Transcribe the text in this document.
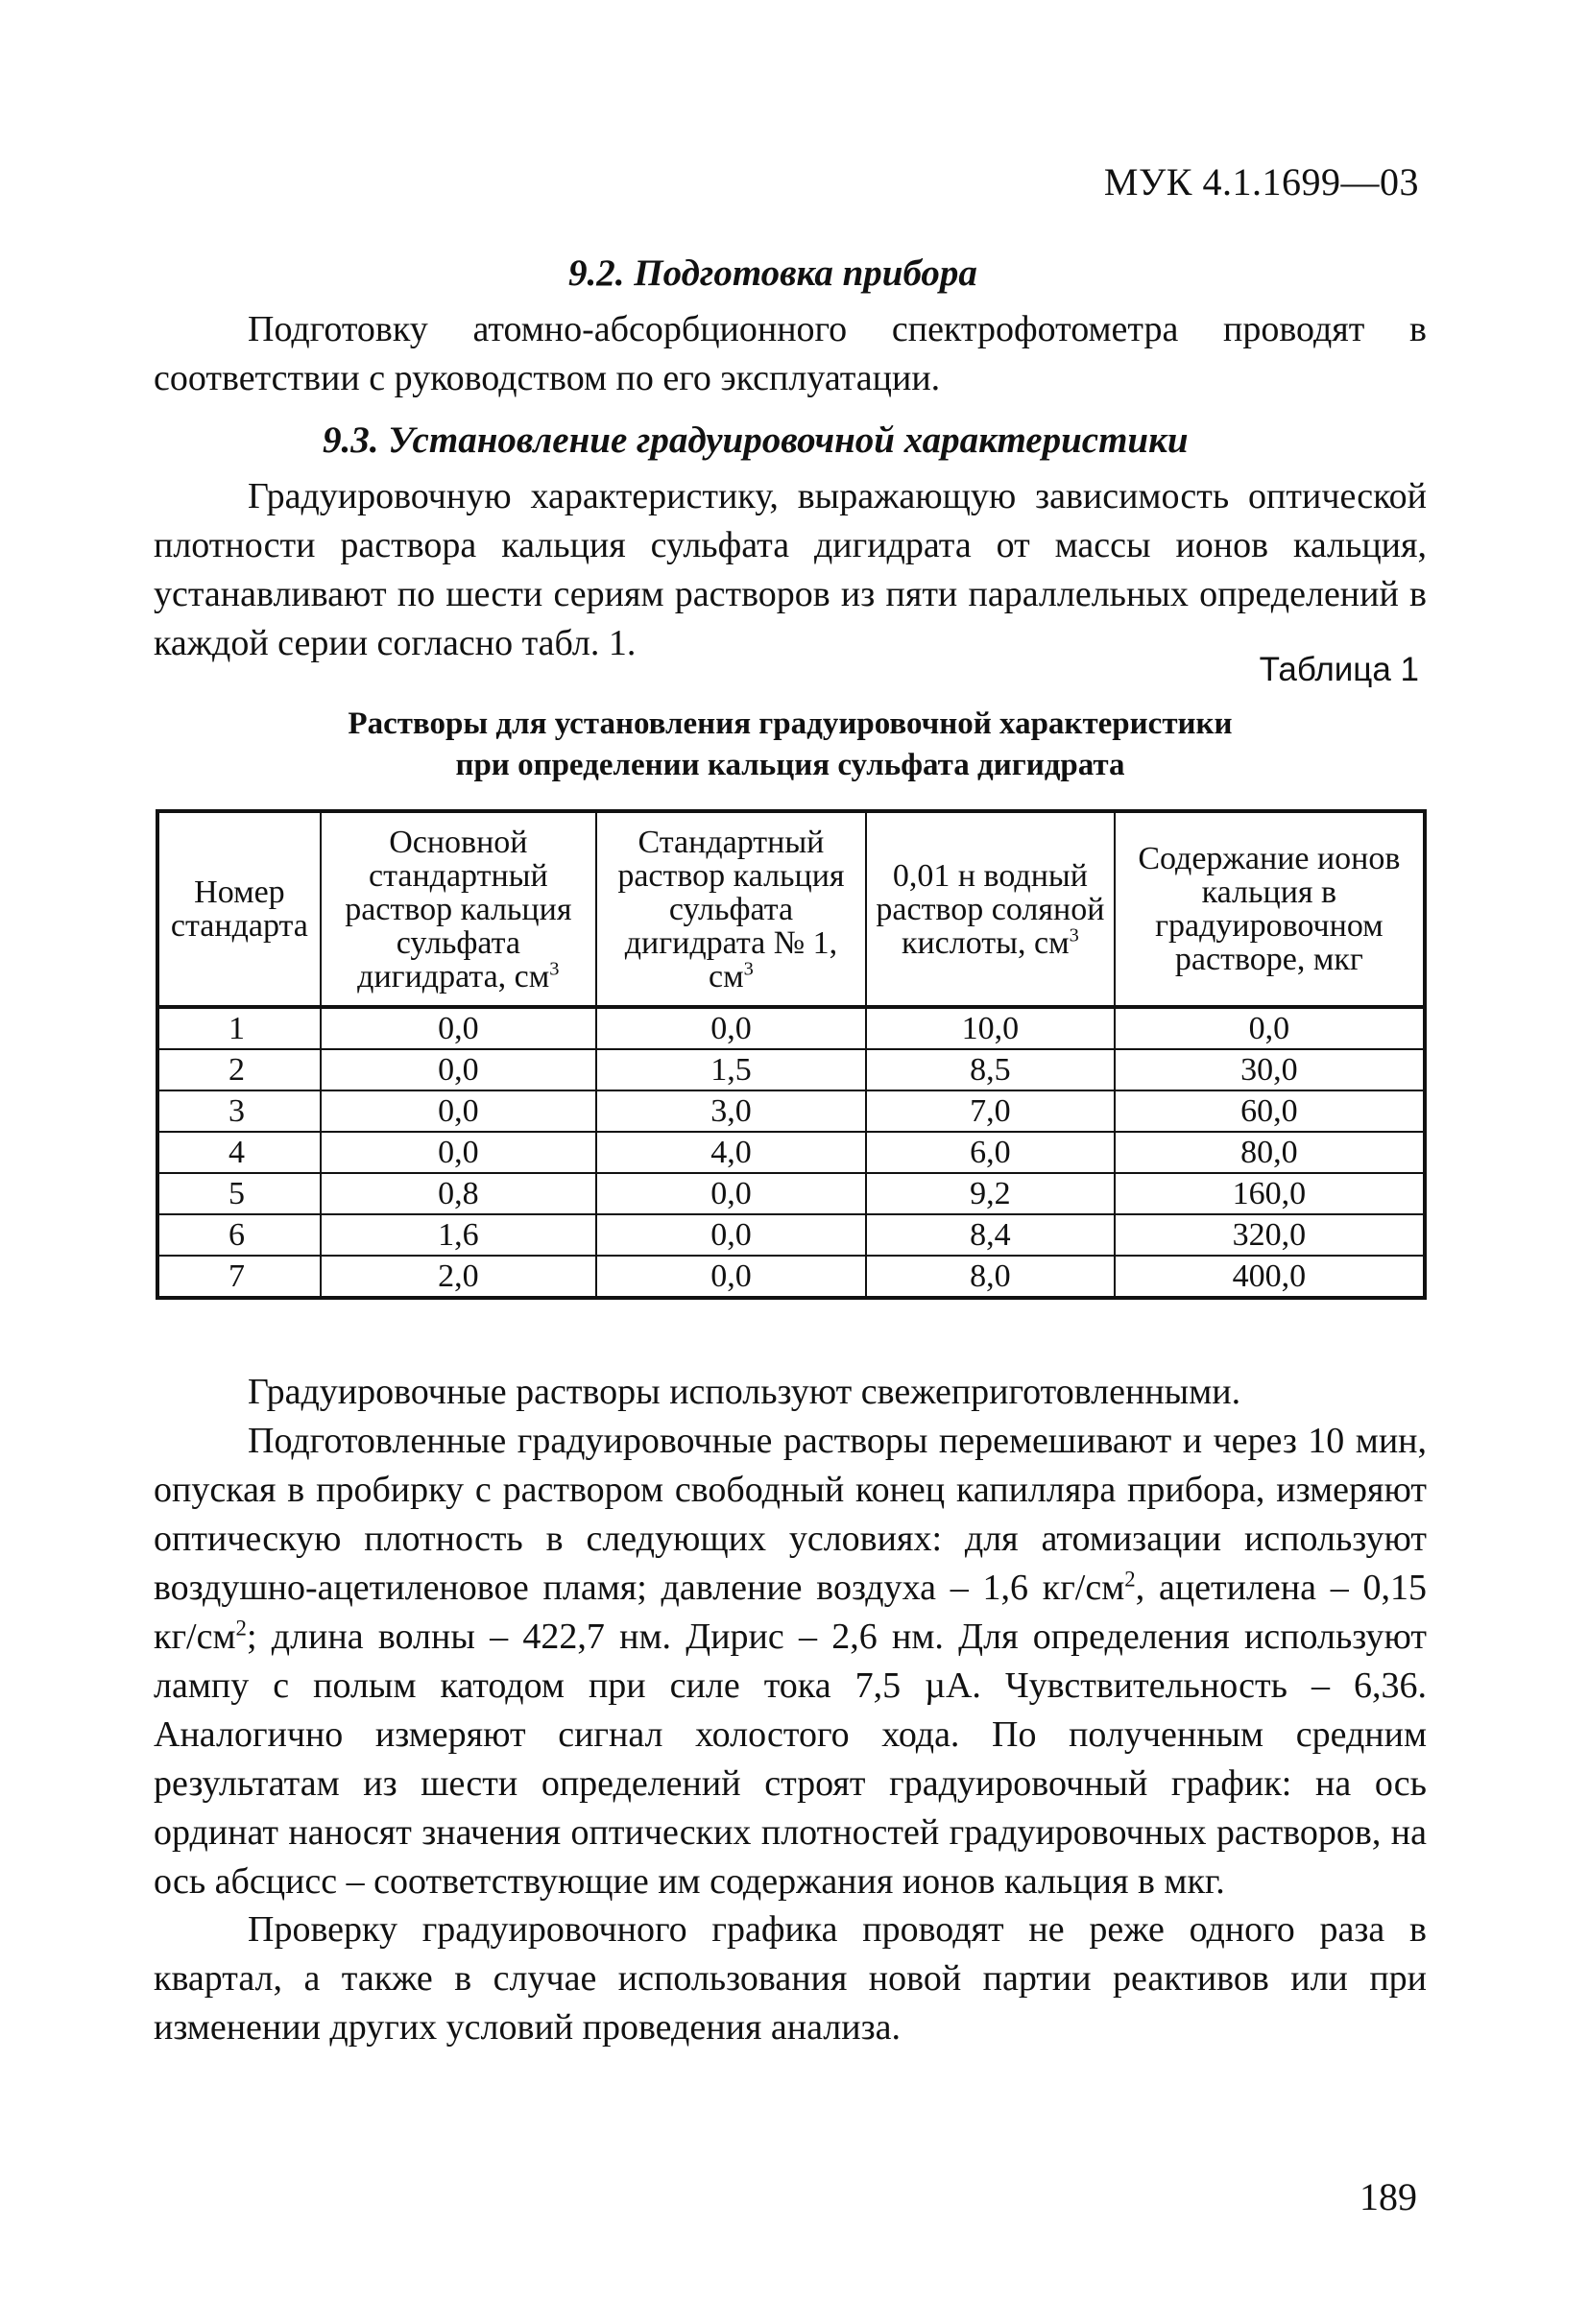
МУК 4.1.1699—03
9.2. Подготовка прибора

Подготовку атомно-абсорбционного спектрофотометра проводят в соответствии с руководством по его эксплуатации.

9.3. Установление градуировочной характеристики

Градуировочную характеристику, выражающую зависимость оптической плотности раствора кальция сульфата дигидрата от массы ионов кальция, устанавливают по шести сериям растворов из пяти параллельных определений в каждой серии согласно табл. 1.

Таблица 1
Растворы для установления градуировочной характеристики
при определении кальция сульфата дигидрата
Номер стандарта	Основной стандартный раствор кальция сульфата дигидрата, $см^3$	Стандартный раствор кальция сульфата дигидрата № 1, $см^3$	0,01 н водный раствор соляной кислоты, $см^3$	Содержание ионов кальция в градуировочном растворе, мкг
1	0,0	0,0	10,0	0,0
2	0,0	1,5	8,5	30,0
3	0,0	3,0	7,0	60,0
4	0,0	4,0	6,0	80,0
5	0,8	0,0	9,2	160,0
6	1,6	0,0	8,4	320,0
7	2,0	0,0	8,0	400,0

Градуировочные растворы используют свежеприготовленными.

Подготовленные градуировочные растворы перемешивают и через 10 мин, опуская в пробирку с раствором свободный конец капилляра прибора, измеряют оптическую плотность в следующих условиях: для атомизации используют воздушно-ацетиленовое пламя; давление воздуха – 1,6 $кг/см^2$, ацетилена – 0,15 $кг/см^2$; длина волны – 422,7 нм. Дирис – 2,6 нм. Для определения используют лампу с полым катодом при силе тока 7,5 µА. Чувствительность – 6,36. Аналогично измеряют сигнал холостого хода. По полученным средним результатам из шести определений строят градуировочный график: на ось ординат наносят значения оптических плотностей градуировочных растворов, на ось абсцисс – соответствующие им содержания ионов кальция в мкг.

Проверку градуировочного графика проводят не реже одного раза в квартал, а также в случае использования новой партии реактивов или при изменении других условий проведения анализа.

189
